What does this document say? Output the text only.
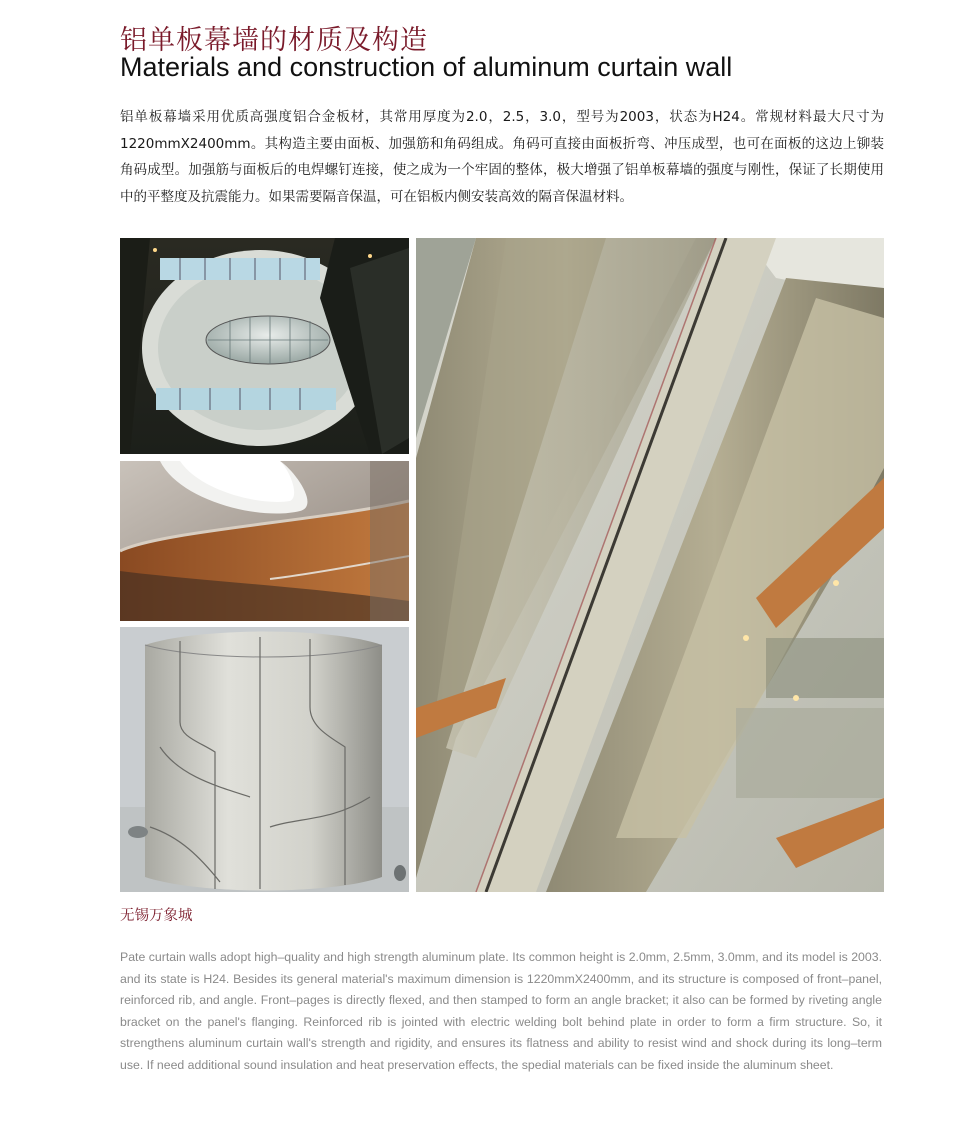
铝单板幕墙的材质及构造
Materials and construction of aluminum curtain wall
铝单板幕墙采用优质高强度铝合金板材，其常用厚度为2.0，2.5，3.0，型号为2003，状态为H24。常规材料最大尺寸为1220mmX2400mm。其构造主要由面板、加强筋和角码组成。角码可直接由面板折弯、冲压成型，也可在面板的这边上铆装角码成型。加强筋与面板后的电焊螺钉连接，使之成为一个牢固的整体，极大增强了铝单板幕墙的强度与刚性，保证了长期使用中的平整度及抗震能力。如果需要隔音保温，可在铝板内侧安装高效的隔音保温材料。
无锡万象城
Pate curtain walls adopt high–quality and high strength aluminum plate. Its common height is 2.0mm, 2.5mm, 3.0mm, and its model is 2003. and its state is H24. Besides its general material's maximum dimension is 1220mmX2400mm, and its structure is composed of front–panel, reinforced rib, and angle. Front–pages is directly flexed, and then stamped to form an angle bracket; it also can be formed by riveting angle bracket on the panel's flanging. Reinforced rib is jointed with electric welding bolt behind plate in order to form a firm structure. So, it strengthens aluminum curtain wall's strength and rigidity, and ensures its flatness and ability to resist wind and shock during its long–term use. If need additional sound insulation and heat preservation effects, the spedial materials can be fixed inside the aluminum sheet.
